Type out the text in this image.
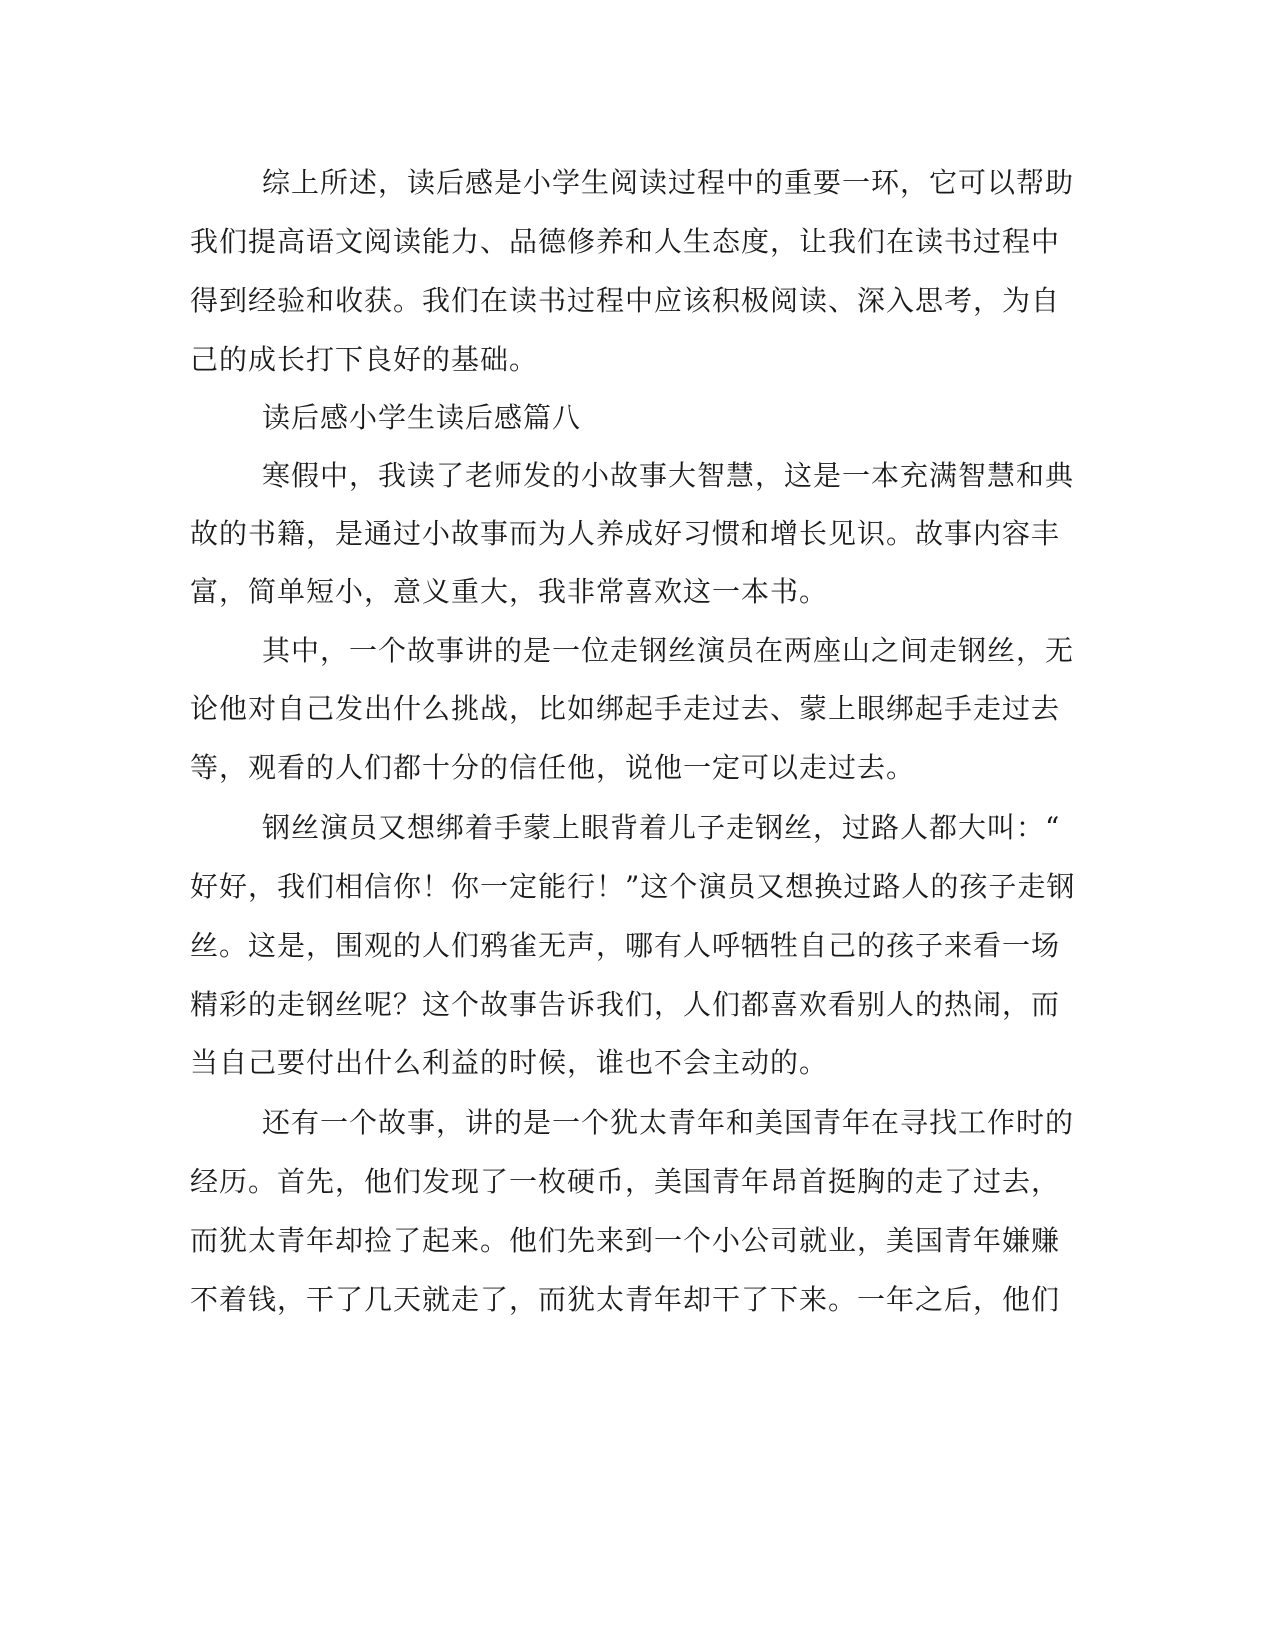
综上所述，读后感是小学生阅读过程中的重要一环，它可以帮助
我们提高语文阅读能力、品德修养和人生态度，让我们在读书过程中
得到经验和收获。我们在读书过程中应该积极阅读、深入思考，为自
己的成长打下良好的基础。
读后感小学生读后感篇八
寒假中，我读了老师发的小故事大智慧，这是一本充满智慧和典
故的书籍，是通过小故事而为人养成好习惯和增长见识。故事内容丰
富，简单短小，意义重大，我非常喜欢这一本书。
其中，一个故事讲的是一位走钢丝演员在两座山之间走钢丝，无
论他对自己发出什么挑战，比如绑起手走过去、蒙上眼绑起手走过去
等，观看的人们都十分的信任他，说他一定可以走过去。
钢丝演员又想绑着手蒙上眼背着儿子走钢丝，过路人都大叫：“
好好，我们相信你！你一定能行！”这个演员又想换过路人的孩子走钢
丝。这是，围观的人们鸦雀无声，哪有人呼牺牲自己的孩子来看一场
精彩的走钢丝呢？这个故事告诉我们，人们都喜欢看别人的热闹，而
当自己要付出什么利益的时候，谁也不会主动的。
还有一个故事，讲的是一个犹太青年和美国青年在寻找工作时的
经历。首先，他们发现了一枚硬币，美国青年昂首挺胸的走了过去，
而犹太青年却捡了起来。他们先来到一个小公司就业，美国青年嫌赚
不着钱，干了几天就走了，而犹太青年却干了下来。一年之后，他们
